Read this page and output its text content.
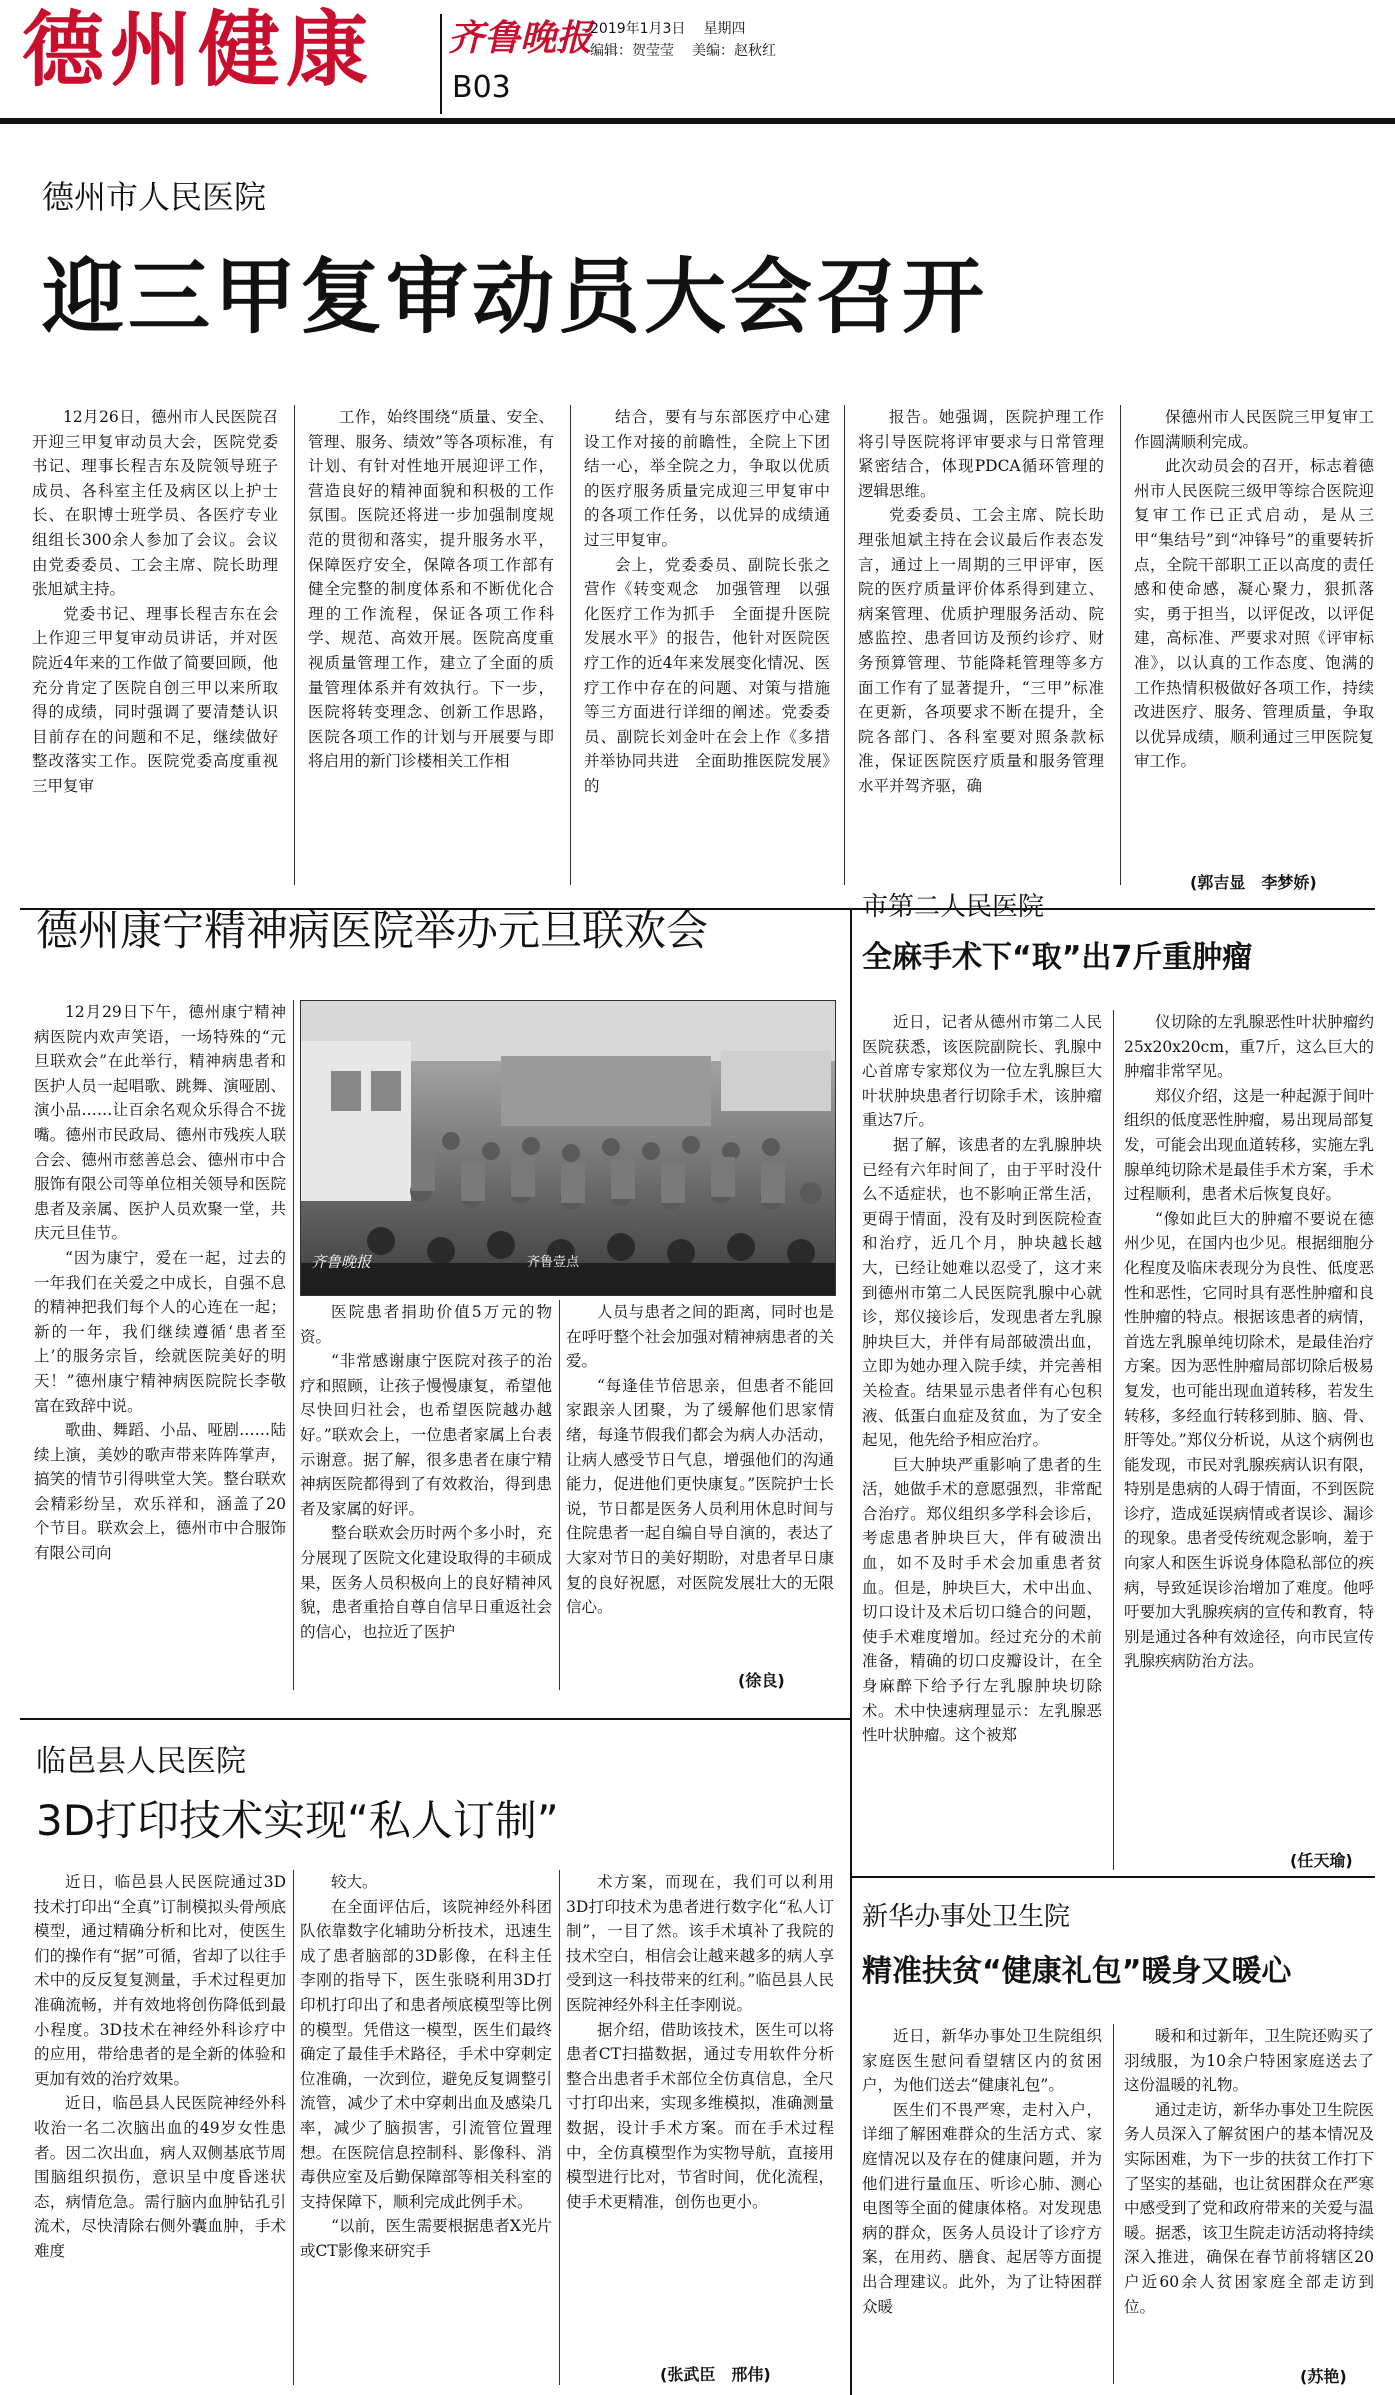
德州健康 齐鲁晚报
B03
2019年1月3日 星期四
编辑：贺莹莹 美编：赵秋红
德州市人民医院
迎三甲复审动员大会召开

12月26日，德州市人民医院召开迎三甲复审动员大会，医院党委书记、理事长程吉东及院领导班子成员、各科室主任及病区以上护士长、在职博士班学员、各医疗专业组组长300余人参加了会议。会议由党委委员、工会主席、院长助理张旭斌主持。

党委书记、理事长程吉东在会上作迎三甲复审动员讲话，并对医院近4年来的工作做了简要回顾，他充分肯定了医院自创三甲以来所取得的成绩，同时强调了要清楚认识目前存在的问题和不足，继续做好整改落实工作。医院党委高度重视三甲复审

工作，始终围绕“质量、安全、管理、服务、绩效”等各项标准，有计划、有针对性地开展迎评工作，营造良好的精神面貌和积极的工作氛围。医院还将进一步加强制度规范的贯彻和落实，提升服务水平，保障医疗安全，保障各项工作部有健全完整的制度体系和不断优化合理的工作流程，保证各项工作科学、规范、高效开展。医院高度重视质量管理工作，建立了全面的质量管理体系并有效执行。下一步，医院将转变理念、创新工作思路，医院各项工作的计划与开展要与即将启用的新门诊楼相关工作相

结合，要有与东部医疗中心建设工作对接的前瞻性，全院上下团结一心，举全院之力，争取以优质的医疗服务质量完成迎三甲复审中的各项工作任务，以优异的成绩通过三甲复审。

会上，党委委员、副院长张之营作《转变观念　加强管理　以强化医疗工作为抓手　全面提升医院发展水平》的报告，他针对医院医疗工作的近4年来发展变化情况、医疗工作中存在的问题、对策与措施等三方面进行详细的阐述。党委委员、副院长刘金叶在会上作《多措并举协同共进　全面助推医院发展》的

报告。她强调，医院护理工作将引导医院将评审要求与日常管理紧密结合，体现PDCA循环管理的逻辑思维。

党委委员、工会主席、院长助理张旭斌主持在会议最后作表态发言，通过上一周期的三甲评审，医院的医疗质量评价体系得到建立、病案管理、优质护理服务活动、院感监控、患者回访及预约诊疗、财务预算管理、节能降耗管理等多方面工作有了显著提升，“三甲”标准在更新，各项要求不断在提升，全院各部门、各科室要对照条款标准，保证医院医疗质量和服务管理水平并驾齐驱，确

保德州市人民医院三甲复审工作圆满顺利完成。

此次动员会的召开，标志着德州市人民医院三级甲等综合医院迎复审工作已正式启动，是从三甲“集结号”到“冲锋号”的重要转折点，全院干部职工正以高度的责任感和使命感，凝心聚力，狠抓落实，勇于担当，以评促改，以评促建，高标准、严要求对照《评审标准》，以认真的工作态度、饱满的工作热情积极做好各项工作，持续改进医疗、服务、管理质量，争取以优异成绩，顺利通过三甲医院复审工作。

(郭吉显　李梦娇)
德州康宁精神病医院举办元旦联欢会

12月29日下午，德州康宁精神病医院内欢声笑语，一场特殊的“元旦联欢会”在此举行，精神病患者和医护人员一起唱歌、跳舞、演哑剧、演小品……让百余名观众乐得合不拢嘴。德州市民政局、德州市残疾人联合会、德州市慈善总会、德州市中合服饰有限公司等单位相关领导和医院患者及亲属、医护人员欢聚一堂，共庆元旦佳节。

“因为康宁，爱在一起，过去的一年我们在关爱之中成长，自强不息的精神把我们每个人的心连在一起；新的一年，我们继续遵循‘患者至上’的服务宗旨，绘就医院美好的明天！”德州康宁精神病医院院长李敬富在致辞中说。

歌曲、舞蹈、小品、哑剧……陆续上演，美妙的歌声带来阵阵掌声，搞笑的情节引得哄堂大笑。整台联欢会精彩纷呈，欢乐祥和，涵盖了20个节目。联欢会上，德州市中合服饰有限公司向

齐鲁晚报	齐鲁壹点

医院患者捐助价值5万元的物资。

“非常感谢康宁医院对孩子的治疗和照顾，让孩子慢慢康复，希望他尽快回归社会，也希望医院越办越好。”联欢会上，一位患者家属上台表示谢意。据了解，很多患者在康宁精神病医院都得到了有效救治，得到患者及家属的好评。

整台联欢会历时两个多小时，充分展现了医院文化建设取得的丰硕成果，医务人员积极向上的良好精神风貌，患者重拾自尊自信早日重返社会的信心，也拉近了医护

人员与患者之间的距离，同时也是在呼吁整个社会加强对精神病患者的关爱。

“每逢佳节倍思亲，但患者不能回家跟亲人团聚，为了缓解他们思家情绪，每逢节假我们都会为病人办活动，让病人感受节日气息，增强他们的沟通能力，促进他们更快康复。”医院护士长说，节日都是医务人员利用休息时间与住院患者一起自编自导自演的，表达了大家对节日的美好期盼，对患者早日康复的良好祝愿，对医院发展壮大的无限信心。

(徐良)
市第二人民医院
全麻手术下“取”出7斤重肿瘤

近日，记者从德州市第二人民医院获悉，该医院副院长、乳腺中心首席专家郑仪为一位左乳腺巨大叶状肿块患者行切除手术，该肿瘤重达7斤。

据了解，该患者的左乳腺肿块已经有六年时间了，由于平时没什么不适症状，也不影响正常生活，更碍于情面，没有及时到医院检查和治疗，近几个月，肿块越长越大，已经让她难以忍受了，这才来到德州市第二人民医院乳腺中心就诊，郑仪接诊后，发现患者左乳腺肿块巨大，并伴有局部破溃出血，立即为她办理入院手续，并完善相关检查。结果显示患者伴有心包积液、低蛋白血症及贫血，为了安全起见，他先给予相应治疗。

巨大肿块严重影响了患者的生活，她做手术的意愿强烈，非常配合治疗。郑仪组织多学科会诊后，考虑患者肿块巨大，伴有破溃出血，如不及时手术会加重患者贫血。但是，肿块巨大，术中出血、切口设计及术后切口缝合的问题，使手术难度增加。经过充分的术前准备，精确的切口皮瓣设计，在全身麻醉下给予行左乳腺肿块切除术。术中快速病理显示：左乳腺恶性叶状肿瘤。这个被郑

仪切除的左乳腺恶性叶状肿瘤约25x20x20cm，重7斤，这么巨大的肿瘤非常罕见。

郑仪介绍，这是一种起源于间叶组织的低度恶性肿瘤，易出现局部复发，可能会出现血道转移，实施左乳腺单纯切除术是最佳手术方案，手术过程顺利，患者术后恢复良好。

“像如此巨大的肿瘤不要说在德州少见，在国内也少见。根据细胞分化程度及临床表现分为良性、低度恶性和恶性，它同时具有恶性肿瘤和良性肿瘤的特点。根据该患者的病情，首选左乳腺单纯切除术，是最佳治疗方案。因为恶性肿瘤局部切除后极易复发，也可能出现血道转移，若发生转移，多经血行转移到肺、脑、骨、肝等处。”郑仪分析说，从这个病例也能发现，市民对乳腺疾病认识有限，特别是患病的人碍于情面，不到医院诊疗，造成延误病情或者误诊、漏诊的现象。患者受传统观念影响，羞于向家人和医生诉说身体隐私部位的疾病，导致延误诊治增加了难度。他呼吁要加大乳腺疾病的宣传和教育，特别是通过各种有效途径，向市民宣传乳腺疾病防治方法。

(任天瑜)
临邑县人民医院
3D打印技术实现“私人订制”

近日，临邑县人民医院通过3D技术打印出“全真”订制模拟头骨颅底模型，通过精确分析和比对，使医生们的操作有“据”可循，省却了以往手术中的反反复复测量，手术过程更加准确流畅，并有效地将创伤降低到最小程度。3D技术在神经外科诊疗中的应用，带给患者的是全新的体验和更加有效的治疗效果。

近日，临邑县人民医院神经外科收治一名二次脑出血的49岁女性患者。因二次出血，病人双侧基底节周围脑组织损伤，意识呈中度昏迷状态，病情危急。需行脑内血肿钻孔引流术，尽快清除右侧外囊血肿，手术难度

较大。

在全面评估后，该院神经外科团队依靠数字化辅助分析技术，迅速生成了患者脑部的3D影像，在科主任李刚的指导下，医生张晓利用3D打印机打印出了和患者颅底模型等比例的模型。凭借这一模型，医生们最终确定了最佳手术路径，手术中穿刺定位准确，一次到位，避免反复调整引流管，减少了术中穿刺出血及感染几率，减少了脑损害，引流管位置理想。在医院信息控制科、影像科、消毒供应室及后勤保障部等相关科室的支持保障下，顺利完成此例手术。

“以前，医生需要根据患者X光片或CT影像来研究手

术方案，而现在，我们可以利用3D打印技术为患者进行数字化“私人订制”，一目了然。该手术填补了我院的技术空白，相信会让越来越多的病人享受到这一科技带来的红利。”临邑县人民医院神经外科主任李刚说。

据介绍，借助该技术，医生可以将患者CT扫描数据，通过专用软件分析整合出患者手术部位全仿真信息，全尺寸打印出来，实现多维模拟，准确测量数据，设计手术方案。而在手术过程中，全仿真模型作为实物导航，直接用模型进行比对，节省时间，优化流程，使手术更精准，创伤也更小。

(张武臣　邢伟)
新华办事处卫生院
精准扶贫“健康礼包”暖身又暖心

近日，新华办事处卫生院组织家庭医生慰问看望辖区内的贫困户，为他们送去“健康礼包”。

医生们不畏严寒，走村入户，详细了解困难群众的生活方式、家庭情况以及存在的健康问题，并为他们进行量血压、听诊心肺、测心电图等全面的健康体格。对发现患病的群众，医务人员设计了诊疗方案，在用药、膳食、起居等方面提出合理建议。此外，为了让特困群众暖

暖和和过新年，卫生院还购买了羽绒服，为10余户特困家庭送去了这份温暖的礼物。

通过走访，新华办事处卫生院医务人员深入了解贫困户的基本情况及实际困难，为下一步的扶贫工作打下了坚实的基础，也让贫困群众在严寒中感受到了党和政府带来的关爱与温暖。据悉，该卫生院走访活动将持续深入推进，确保在春节前将辖区20户近60余人贫困家庭全部走访到位。

(苏艳)
